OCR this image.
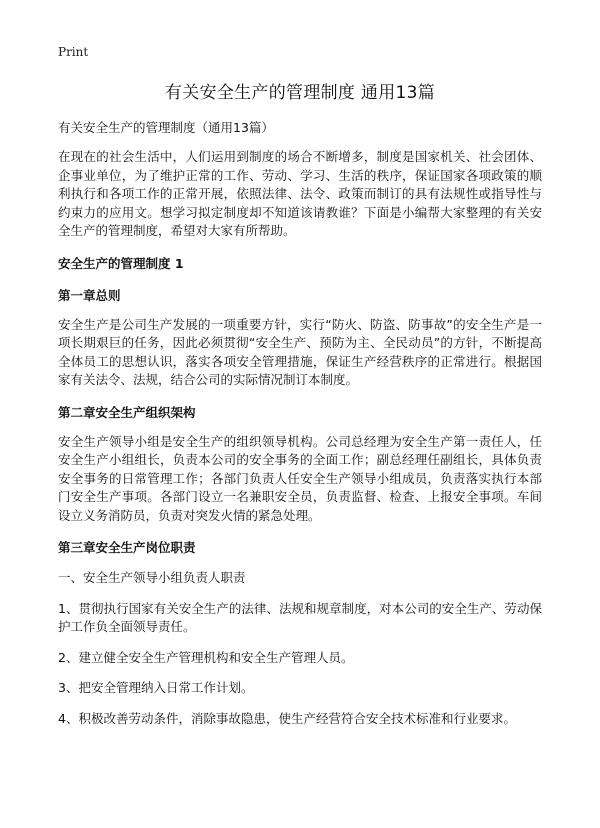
Print
有关安全生产的管理制度 通用13篇

有关安全生产的管理制度（通用13篇）

在现在的社会生活中，人们运用到制度的场合不断增多，制度是国家机关、社会团体、企事业单位，为了维护正常的工作、劳动、学习、生活的秩序，保证国家各项政策的顺利执行和各项工作的正常开展，依照法律、法令、政策而制订的具有法规性或指导性与约束力的应用文。想学习拟定制度却不知道该请教谁？下面是小编帮大家整理的有关安全生产的管理制度，希望对大家有所帮助。

安全生产的管理制度 1

第一章总则

安全生产是公司生产发展的一项重要方针，实行“防火、防盗、防事故”的安全生产是一项长期艰巨的任务，因此必须贯彻“安全生产、预防为主、全民动员”的方针，不断提高全体员工的思想认识，落实各项安全管理措施，保证生产经营秩序的正常进行。根据国家有关法令、法规，结合公司的实际情况制订本制度。

第二章安全生产组织架构

安全生产领导小组是安全生产的组织领导机构。公司总经理为安全生产第一责任人，任安全生产小组组长，负责本公司的安全事务的全面工作；副总经理任副组长，具体负责安全事务的日常管理工作；各部门负责人任安全生产领导小组成员，负责落实执行本部门安全生产事项。各部门设立一名兼职安全员，负责监督、检查、上报安全事项。车间设立义务消防员，负责对突发火情的紧急处理。

第三章安全生产岗位职责

一、安全生产领导小组负责人职责

1、贯彻执行国家有关安全生产的法律、法规和规章制度，对本公司的安全生产、劳动保护工作负全面领导责任。

2、建立健全安全生产管理机构和安全生产管理人员。

3、把安全管理纳入日常工作计划。

4、积极改善劳动条件，消除事故隐患，使生产经营符合安全技术标准和行业要求。
